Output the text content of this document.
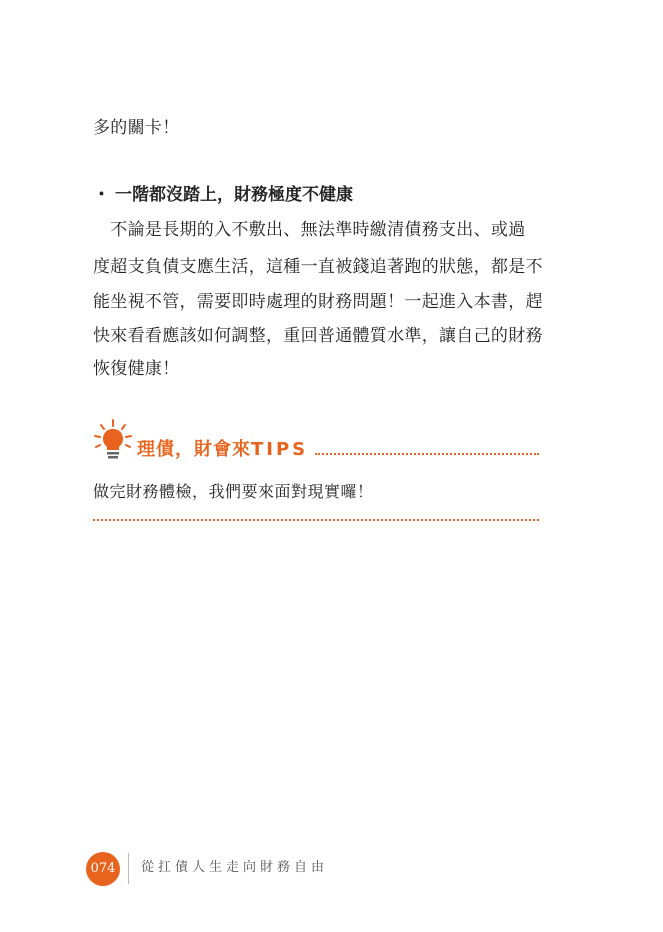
多的關卡！
・ 一階都沒踏上，財務極度不健康
　不論是長期的入不敷出、無法準時繳清債務支出、或過
度超支負債支應生活，這種一直被錢追著跑的狀態，都是不
能坐視不管，需要即時處理的財務問題！一起進入本書，趕
快來看看應該如何調整，重回普通體質水準，讓自己的財務
恢復健康！
理債，財會來TIPS
做完財務體檢，我們要來面對現實囉！
074	從扛債人生走向財務自由
